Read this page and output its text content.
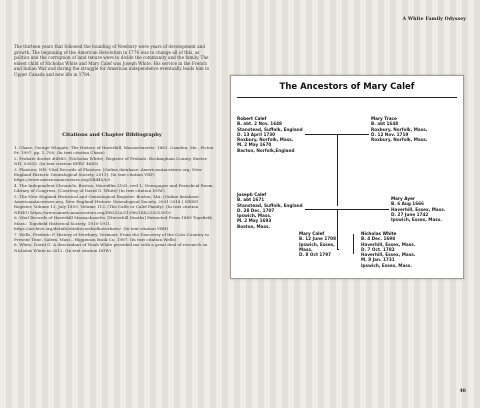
A White Family Odyssey

The thirteen years that followed the founding of Newbury were years of development and growth. The beginning of the American Revolution in 1776 was to change all of this, as politics and the corruption of land tenure were to divide the community and the family. The eldest child of Nicholas White and Mary Calef was Joseph White. His service in the French and Indian War and during the struggle for American independence eventually leads him to Upper Canada and new life in 1784.

Citations and Chapter Bibliography

1. Chase, George Wingate. The History of Haverhill, Massachusetts. 1861. Camden, Me., Picton Pr. 1997. pp. 1–700. (In text citation Chase)
2. Probate docket #4885, (Nicholas White), Register of Probate, Rockingham County, Exeter, NH, 03833. (In text citation RPRC 4885)
3. Plaistow, NH: Vital Records of Plaistow. (Online database: AmericanAncestors.org, New England Historic Genealogical Society, 2011). (In text citation VRP) https://www.americanancestors.org/DB440/i/0
4. The Independent Chronicle, Boston, Microfilm 3165, reel 1, Newspaper and Periodical Room, Library of Congress. (Courtesy of David G. White) (In text citation DGW)
5. The New England Historical and Genealogical Register. Boston, MA: (Online database: AmericanAncestors.org, New England Historic Genealogical Society, 2001-2018.) NEHG Register, Volume 13, July 1859. Volume 113. (The Calfe or Calef Family). (In text citation NEHG) https://www.americanancestors.org/DB202/i/11596/184/235313010
6. Vital Records of Haverhill Massachusetts. [Haverhill Deaths] Extracted From 1849 Topsfield, Mass.: Topsfield Historical Society, 1910-1911. https://archive.org/details/vitalrecordsofhaverhave/. (In text citation VRH)
7. Wells, Frederic P. History of Newbury, Vermont: From the Discovery of the Coös Country to Present Time. Salem, Mass., Higginson Book Co, 1987. (In text citation Wells)
8. White, David G. A descendant of Noah White provided me with a great deal of research on Nicholas White in 2012. (In text citation DGW)
The Ancestors of Mary Calef
Robert Calef
B. abt. 2 Nov. 1648
Stanstead, Suffolk, England
D. 13 April 1730
Roxbury, Norfolk, Mass.
M. 2 May 1670
Bacton, Norfolk,England
Mary Trace
B. abt 1648
Roxbury, Norfolk, Mass.
D. 12 Nov. 1719
Roxbury, Norfolk, Mass.
Joseph Calef
B. abt 1671
Stanstead, Suffolk, England
D. 28 Dec. 1707
Ipswich, Mass.
M. 2 May 1693
Boston, Mass.
Mary Ayer
B. 6 Aug 1666
Haverhill, Essex, Mass.
D. 27 June 1742
Ipswich, Essex, Mass.
Mary Calef
B. 12 June 1708
Ipswich, Essex,
Mass.
D. 8 Oct 1797
Nicholas White
B. 4 Dec. 1698
Haverhill, Essex, Mass.
D. 7 Oct. 1782
Haverhill, Essex, Mass.
M. 8 Jan. 1731
Ipswich, Essex, Mass.
48
